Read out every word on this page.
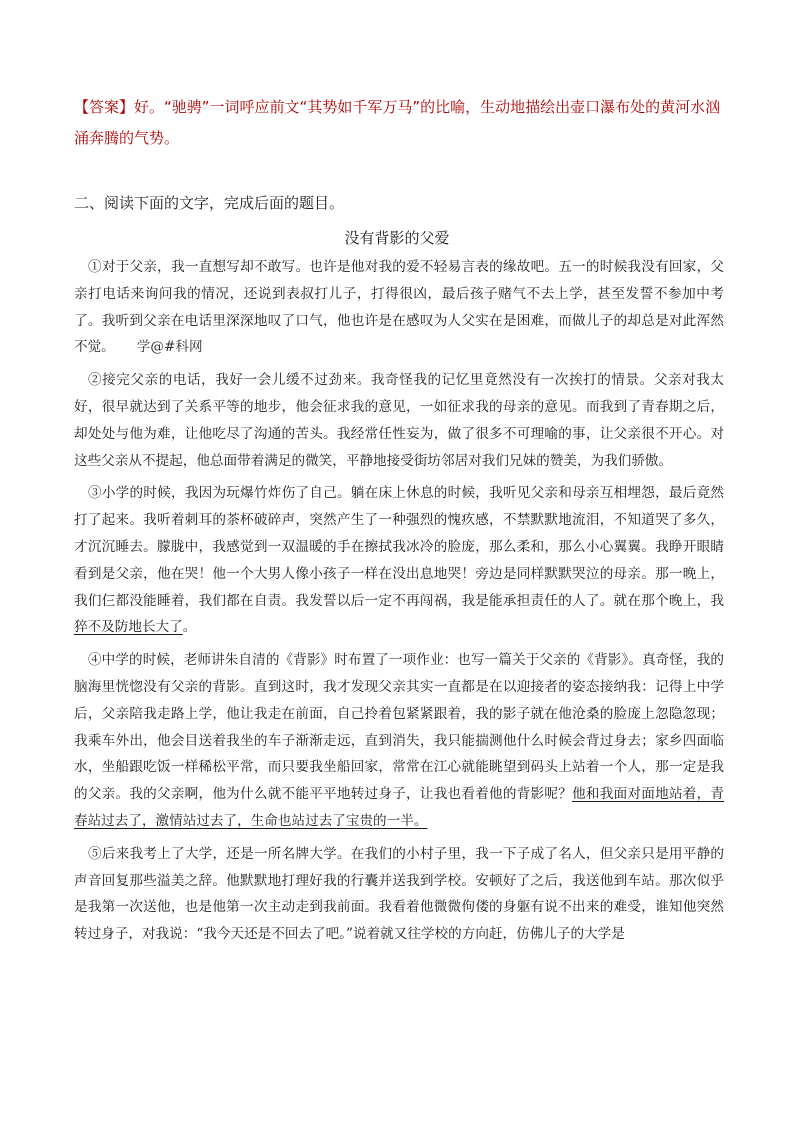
【答案】好。“驰骋”一词呼应前文“其势如千军万马”的比喻，生动地描绘出壶口瀑布处的黄河水汹涌奔腾的气势。
二、阅读下面的文字，完成后面的题目。
没有背影的父爱

①对于父亲，我一直想写却不敢写。也许是他对我的爱不轻易言表的缘故吧。五一的时候我没有回家，父亲打电话来询问我的情况，还说到表叔打儿子，打得很凶，最后孩子赌气不去上学，甚至发誓不参加中考了。我听到父亲在电话里深深地叹了口气，他也许是在感叹为人父实在是困难，而做儿子的却总是对此浑然不觉。 学@#科网

②接完父亲的电话，我好一会儿缓不过劲来。我奇怪我的记忆里竟然没有一次挨打的情景。父亲对我太好，很早就达到了关系平等的地步，他会征求我的意见，一如征求我的母亲的意见。而我到了青春期之后，却处处与他为难，让他吃尽了沟通的苦头。我经常任性妄为，做了很多不可理喻的事，让父亲很不开心。对这些父亲从不提起，他总面带着满足的微笑，平静地接受街坊邻居对我们兄妹的赞美，为我们骄傲。

③小学的时候，我因为玩爆竹炸伤了自己。躺在床上休息的时候，我听见父亲和母亲互相埋怨，最后竟然打了起来。我听着刺耳的茶杯破碎声，突然产生了一种强烈的愧疚感，不禁默默地流泪，不知道哭了多久，才沉沉睡去。朦胧中，我感觉到一双温暖的手在擦拭我冰冷的脸庞，那么柔和，那么小心翼翼。我睁开眼睛看到是父亲，他在哭！他一个大男人像小孩子一样在没出息地哭！旁边是同样默默哭泣的母亲。那一晚上，我们仨都没能睡着，我们都在自责。我发誓以后一定不再闯祸，我是能承担责任的人了。就在那个晚上，我猝不及防地长大了。

④中学的时候，老师讲朱自清的《背影》时布置了一项作业：也写一篇关于父亲的《背影》。真奇怪，我的脑海里恍惚没有父亲的背影。直到这时，我才发现父亲其实一直都是在以迎接者的姿态接纳我：记得上中学后，父亲陪我走路上学，他让我走在前面，自己拎着包紧紧跟着，我的影子就在他沧桑的脸庞上忽隐忽现；我乘车外出，他会目送着我坐的车子渐渐走远，直到消失，我只能揣测他什么时候会背过身去；家乡四面临水，坐船跟吃饭一样稀松平常，而只要我坐船回家，常常在江心就能眺望到码头上站着一个人，那一定是我的父亲。我的父亲啊，他为什么就不能平平地转过身子，让我也看着他的背影呢？他和我面对面地站着，青春站过去了，激情站过去了，生命也站过去了宝贵的一半。

⑤后来我考上了大学，还是一所名牌大学。在我们的小村子里，我一下子成了名人，但父亲只是用平静的声音回复那些溢美之辞。他默默地打理好我的行囊并送我到学校。安顿好了之后，我送他到车站。那次似乎是我第一次送他，也是他第一次主动走到我前面。我看着他微微佝偻的身躯有说不出来的难受，谁知他突然转过身子，对我说：“我今天还是不回去了吧。”说着就又往学校的方向赶，仿佛儿子的大学是
